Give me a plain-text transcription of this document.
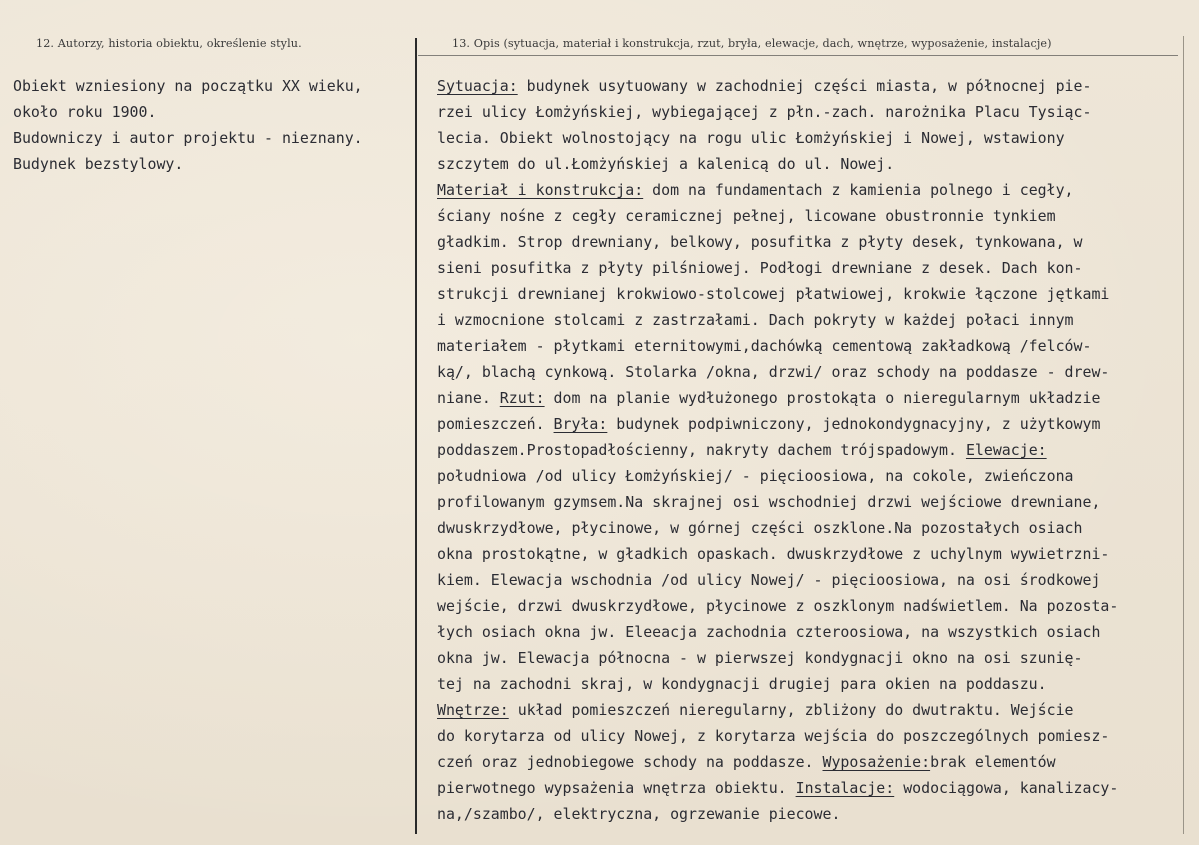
12. Autorzy, historia obiektu, określenie stylu.	13. Opis (sytuacja, materiał i konstrukcja, rzut, bryła, elewacje, dach, wnętrze, wyposażenie, instalacje)
Obiekt wzniesiony na początku XX wieku,
około roku 1900.
Budowniczy i autor projektu - nieznany.
Budynek bezstylowy.
Sytuacja: budynek usytuowany w zachodniej części miasta, w północnej pie-
rzei ulicy Łomżyńskiej, wybiegającej z płn.-zach. narożnika Placu Tysiąc-
lecia. Obiekt wolnostojący na rogu ulic Łomżyńskiej i Nowej, wstawiony
szczytem do ul.Łomżyńskiej a kalenicą do ul. Nowej.
Materiał i konstrukcja: dom na fundamentach z kamienia polnego i cegły,
ściany nośne z cegły ceramicznej pełnej, licowane obustronnie tynkiem
gładkim. Strop drewniany, belkowy, posufitka z płyty desek, tynkowana, w
sieni posufitka z płyty pilśniowej. Podłogi drewniane z desek. Dach kon-
strukcji drewnianej krokwiowo-stolcowej płatwiowej, krokwie łączone jętkami
i wzmocnione stolcami z zastrzałami. Dach pokryty w każdej połaci innym
materiałem - płytkami eternitowymi,dachówką cementową zakładkową /felców-
ką/, blachą cynkową. Stolarka /okna, drzwi/ oraz schody na poddasze - drew-
niane. Rzut: dom na planie wydłużonego prostokąta o nieregularnym układzie
pomieszczeń. Bryła: budynek podpiwniczony, jednokondygnacyjny, z użytkowym
poddaszem.Prostopadłościenny, nakryty dachem trójspadowym. Elewacje:
południowa /od ulicy Łomżyńskiej/ - pięcioosiowa, na cokole, zwieńczona
profilowanym gzymsem.Na skrajnej osi wschodniej drzwi wejściowe drewniane,
dwuskrzydłowe, płycinowe, w górnej części oszklone.Na pozostałych osiach
okna prostokątne, w gładkich opaskach. dwuskrzydłowe z uchylnym wywietrzni-
kiem. Elewacja wschodnia /od ulicy Nowej/ - pięcioosiowa, na osi środkowej
wejście, drzwi dwuskrzydłowe, płycinowe z oszklonym nadświetlem. Na pozosta-
łych osiach okna jw. Eleeacja zachodnia czteroosiowa, na wszystkich osiach
okna jw. Elewacja północna - w pierwszej kondygnacji okno na osi szunię-
tej na zachodni skraj, w kondygnacji drugiej para okien na poddaszu.
Wnętrze: układ pomieszczeń nieregularny, zbliżony do dwutraktu. Wejście
do korytarza od ulicy Nowej, z korytarza wejścia do poszczególnych pomiesz-
czeń oraz jednobiegowe schody na poddasze. Wyposażenie:brak elementów
pierwotnego wypsażenia wnętrza obiektu. Instalacje: wodociągowa, kanalizacy-
na,/szambo/, elektryczna, ogrzewanie piecowe.
